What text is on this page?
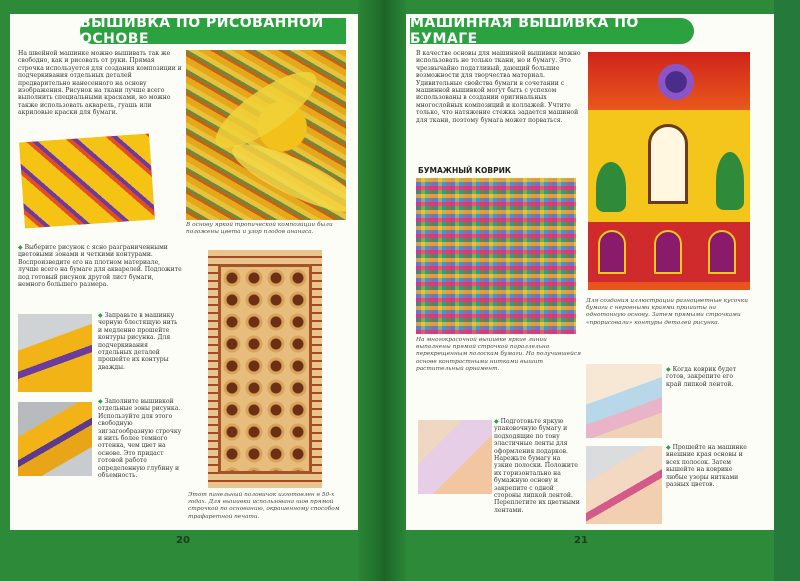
ВЫШИВКА ПО РИСОВАННОЙ ОСНОВЕ
На швейной машинке можно вышивать так же свободно, как и рисовать от руки. Прямая строчка используется для создания композиции и подчеркивания отдельных деталей предварительно нанесенного на основу изображения. Рисунок на ткани лучше всего выполнить специальными красками, но можно также использовать акварель, гуашь или акриловые краски для бумаги.
В основу яркой тропической композиции были положены цвета и узор плодов ананаса.
◆ Выберите рисунок с ясно разграниченными цветовыми зонами и четкими контурами. Воспроизведите его на плотном материале, лучше всего на бумаге для акварелей. Подложите под готовый рисунок другой лист бумаги, немного большего размера.
◆ Заправьте в машинку черную блестящую нить и медленно прошейте контуры рисунка. Для подчеркивания отдельных деталей прошейте их контуры дважды.
◆ Заполните вышивкой отдельные зоны рисунка. Используйте для этого свободную зигзагообразную строчку и нить более темного оттенка, чем цвет на основе. Это придаст готовой работе определенную глубину и объемность.
Этот панельный половичок изготовлен в 50-х годах. Для вышивки использована шов прямой строчкой по основанию, окрашенному способом трафаретной печати.
20
МАШИННАЯ ВЫШИВКА ПО БУМАГЕ
В качестве основы для машинной вышивки можно использовать не только ткани, но и бумагу. Это чрезвычайно податливый, дающий большие возможности для творчества материал. Удивительные свойства бумаги в сочетании с машинной вышивкой могут быть с успехом использованы в создании оригинальных многослойных композиций и коллажей. Учтите только, что натяжение стежка задается машиной для ткани, поэтому бумага может порваться.
БУМАЖНЫЙ КОВРИК
На многокрасочной вышивке яркие линии выполнены прямой строчкой параллельно перекрещенным полоскам бумаги. На получившейся основе контрастными нитками вышит растительный орнамент.
Для создания иллюстрации разноцветные кусочки бумаги с неровными краями пришиты на однотонную основу. Затем прямыми строчками «прорисовали» контуры деталей рисунка.
◆ Подготовьте яркую упаковочную бумагу и подходящие по тону эластичные ленты для оформления подарков. Нарежьте бумагу на узкие полоски. Положите их горизонтально на бумажную основу и закрепите с одной стороны липкой лентой. Переплетите их цветными лентами.
◆ Когда коврик будет готов, закрепите его край липкой лентой.
◆ Прошейте на машинке внешние края основы и всех полосок. Затем вышейте на коврике любые узоры нитками разных цветов.
21
